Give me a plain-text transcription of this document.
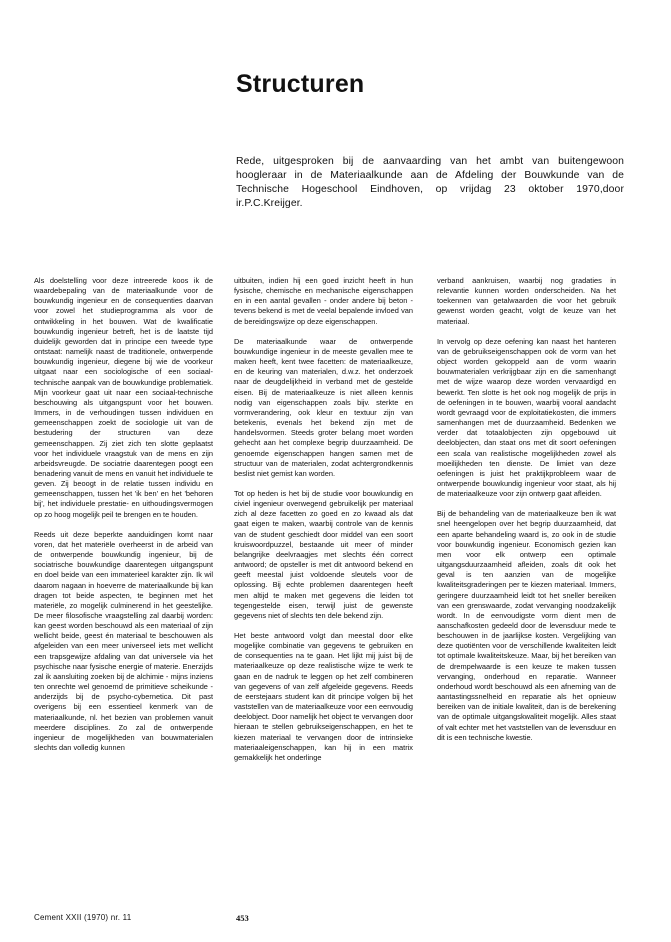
Structuren

Rede, uitgesproken bij de aanvaarding van het ambt van buitengewoon hoogleraar in de Materiaalkunde aan de Afdeling der Bouwkunde van de Technische Hogeschool Eindhoven, op vrijdag 23 oktober 1970,door ir.P.C.Kreijger.

Als doelstelling voor deze intreerede koos ik de waardebepaling van de materiaalkunde voor de bouwkundig ingenieur en de consequenties daarvan voor zowel het studieprogramma als voor de ontwikkeling in het bouwen. Wat de kwalificatie bouwkundig ingenieur betreft, het is de laatste tijd duidelijk geworden dat in principe een tweede type ontstaat: namelijk naast de traditionele, ontwerpende bouwkundig ingenieur, diegene bij wie de voorkeur uitgaat naar een sociologische of een sociaal-technische aanpak van de bouwkundige problematiek. Mijn voorkeur gaat uit naar een sociaal-technische beschouwing als uitgangspunt voor het bouwen. Immers, in de verhoudingen tussen individuen en gemeenschappen zoekt de sociologie uit van de bestudering der structuren van deze gemeenschappen. Zij ziet zich ten slotte geplaatst voor het individuele vraagstuk van de mens en zijn arbeidsvreugde. De sociatrie daarentegen poogt een benadering vanuit de mens en vanuit het individuele te geven. Zij beoogt in de relatie tussen individu en gemeenschappen, tussen het 'ik ben' en het 'behoren bij', het individuele prestatie- en uithoudingsvermogen op zo hoog mogelijk peil te brengen en te houden.

Reeds uit deze beperkte aanduidingen komt naar voren, dat het materiële overheerst in de arbeid van de ontwerpende bouwkundig ingenieur, bij de sociatrische bouwkundige daarentegen uitgangspunt en doel beide van een immaterieel karakter zijn. Ik wil daarom nagaan in hoeverre de materiaalkunde bij kan dragen tot beide aspecten, te beginnen met het materiële, zo mogelijk culminerend in het geestelijke. De meer filosofische vraagstelling zal daarbij worden: kan geest worden beschouwd als een materiaal of zijn wellicht beide, geest én materiaal te beschouwen als afgeleiden van een meer universeel iets met wellicht een trapsgewijze afdaling van dat universele via het psychische naar fysische energie of materie. Enerzijds zal ik aansluiting zoeken bij de alchimie - mijns inziens ten onrechte wel genoemd de primitieve scheikunde - anderzijds bij de psycho-cybernetica. Dit past overigens bij een essentieel kenmerk van de materiaalkunde, nl. het bezien van problemen vanuit meerdere disciplines. Zo zal de ontwerpende ingenieur de mogelijkheden van bouwmaterialen slechts dan volledig kunnen

uitbuiten, indien hij een goed inzicht heeft in hun fysische, chemische en mechanische eigenschappen en in een aantal gevallen - onder andere bij beton - tevens bekend is met de veelal bepalende invloed van de bereidingswijze op deze eigenschappen.

De materiaalkunde waar de ontwerpende bouwkundige ingenieur in de meeste gevallen mee te maken heeft, kent twee facetten: de materiaalkeuze, en de keuring van materialen, d.w.z. het onderzoek naar de deugdelijkheid in verband met de gestelde eisen. Bij de materiaalkeuze is niet alleen kennis nodig van eigenschappen zoals bijv. sterkte en vormverandering, ook kleur en textuur zijn van betekenis, evenals het bekend zijn met de handelsvormen. Steeds groter belang moet worden gehecht aan het complexe begrip duurzaamheid. De genoemde eigenschappen hangen samen met de structuur van de materialen, zodat achtergrondkennis beslist niet gemist kan worden.

Tot op heden is het bij de studie voor bouwkundig en civiel ingenieur overwegend gebruikelijk per materiaal zich al deze facetten zo goed en zo kwaad als dat gaat eigen te maken, waarbij controle van de kennis van de student geschiedt door middel van een soort kruiswoordpuzzel, bestaande uit meer of minder belangrijke deelvraagjes met slechts één correct antwoord; de opsteller is met dit antwoord bekend en geeft meestal juist voldoende sleutels voor de oplossing. Bij echte problemen daarentegen heeft men altijd te maken met gegevens die leiden tot tegengestelde eisen, terwijl juist de gewenste gegevens niet of slechts ten dele bekend zijn.

Het beste antwoord volgt dan meestal door elke mogelijke combinatie van gegevens te gebruiken en de consequenties na te gaan. Het lijkt mij juist bij de materiaalkeuze op deze realistische wijze te werk te gaan en de nadruk te leggen op het zelf combineren van gegevens of van zelf afgeleide gegevens. Reeds de eerstejaars student kan dit principe volgen bij het vaststellen van de materiaalkeuze voor een eenvoudig deelobject. Door namelijk het object te vervangen door hieraan te stellen gebruikseigenschappen, en het te kiezen materiaal te vervangen door de intrinsieke materiaaleigenschappen, kan hij in een matrix gemakkelijk het onderlinge

verband aankruisen, waarbij nog gradaties in relevantie kunnen worden onderscheiden. Na het toekennen van getalwaarden die voor het gebruik gewenst worden geacht, volgt de keuze van het materiaal.

In vervolg op deze oefening kan naast het hanteren van de gebruikseigenschappen ook de vorm van het object worden gekoppeld aan de vorm waarin bouwmaterialen verkrijgbaar zijn en die samenhangt met de wijze waarop deze worden vervaardigd en bewerkt. Ten slotte is het ook nog mogelijk de prijs in de oefeningen in te bouwen, waarbij vooral aandacht wordt gevraagd voor de exploitatiekosten, die immers samenhangen met de duurzaamheid. Bedenken we verder dat totaalobjecten zijn opgebouwd uit deelobjecten, dan staat ons met dit soort oefeningen een scala van realistische mogelijkheden zowel als moeilijkheden ten dienste. De limiet van deze oefeningen is juist het praktijkprobleem waar de ontwerpende bouwkundig ingenieur voor staat, als hij de materiaalkeuze voor zijn ontwerp gaat afleiden.

Bij de behandeling van de materiaalkeuze ben ik wat snel heengelopen over het begrip duurzaamheid, dat een aparte behandeling waard is, zo ook in de studie voor bouwkundig ingenieur. Economisch gezien kan men voor elk ontwerp een optimale uitgangsduurzaamheid afleiden, zoals dit ook het geval is ten aanzien van de mogelijke kwaliteitsgraderingen per te kiezen materiaal. Immers, geringere duurzaamheid leidt tot het sneller bereiken van een grenswaarde, zodat vervanging noodzakelijk wordt. In de eenvoudigste vorm dient men de aanschafkosten gedeeld door de levensduur mede te beschouwen in de jaarlijkse kosten. Vergelijking van deze quotiënten voor de verschillende kwaliteiten leidt tot optimale kwaliteitskeuze. Maar, bij het bereiken van de drempelwaarde is een keuze te maken tussen vervanging, onderhoud en reparatie. Wanneer onderhoud wordt beschouwd als een afneming van de aantastingssnelheid en reparatie als het opnieuw bereiken van de initiale kwaliteit, dan is de berekening van de optimale uitgangskwaliteit mogelijk. Alles staat of valt echter met het vaststellen van de levensduur en dit is een technische kwestie.

Cement XXII (1970) nr. 11	453
